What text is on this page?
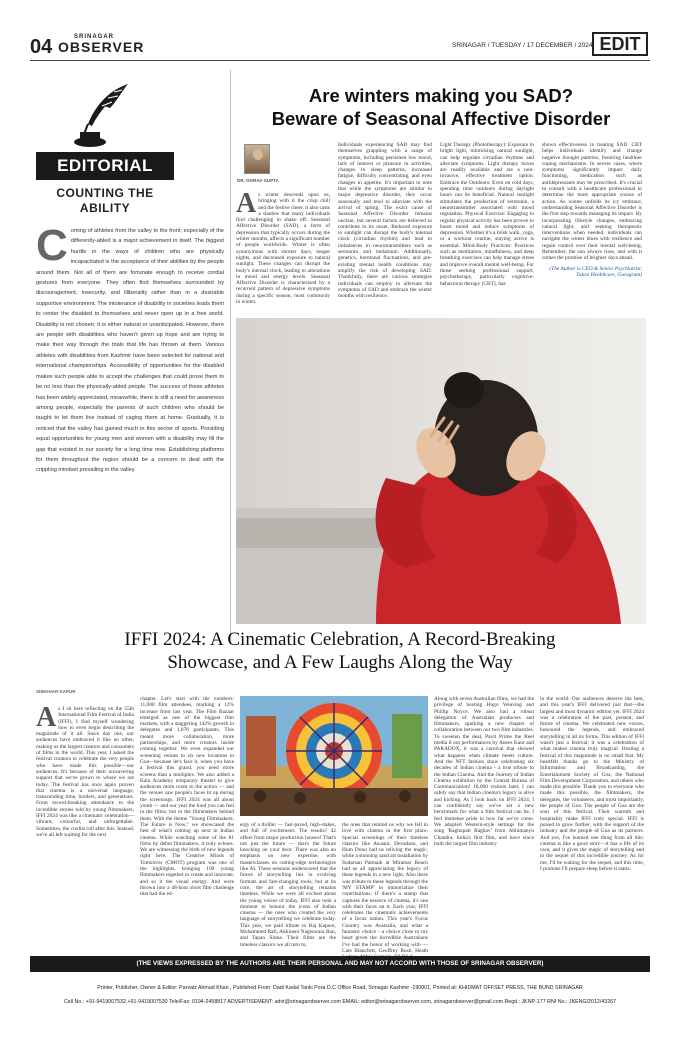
04	SRINAGAR
OBSERVER	SRINAGAR / TUESDAY / 17 DECEMBER / 2024 EDIT
EDITORIAL
COUNTING THE ABILITY
C oming of athletes from the valley to the front; especially of the differently-abled is a major achievement in itself. The biggest hurdle in the ways of children who are physically incapacitated is the acceptance of their abilities by the people around them. Not all of them are fortunate enough to receive cordial gestures from everyone. They often find themselves surrounded by discouragement, insecurity, and illiberality rather than in a desirable supportive environment. The intolerance of disability in societies leads them to center the disabled to themselves and never open up in a free world. Disability is not chosen; it is either natural or unanticipated. However, there are people with disabilities who haven't given up hope and are trying to make their way through the trials that life has thrown at them. Various athletes with disabilities from Kashmir have been selected for national and international championships. Accessibility of opportunities for the disabled makes such people able to accept the challenges that could prove them to be no less than the physically-abled people. The success of these athletes has been widely appreciated, meanwhile, there is still a need for awareness among people, especially the parents of such children who should be taught to let them live instead of caging them at home. Gradually, it is noticed that the valley has gained much in this sector of sports. Providing equal opportunities for young men and women with a disability may fill the gap that existed in our society for a long time now. Establishing platforms for them throughout the region should be a concern to deal with the crippling mindset prevailing in the valley.
Are winters making you SAD?
Beware of Seasonal Affective Disorder
DR. GORAV GUPTA
A s winter descends upon us, bringing with it the crisp chill and the festive cheer, it also casts a shadow that many individuals find challenging to shake off. Seasonal Affective Disorder (SAD), a form of depression that typically occurs during the winter months, affects a significant number of people worldwide. Winter is often synonymous with shorter days, longer nights, and decreased exposure to natural sunlight. These changes can disrupt the body's internal clock, leading to alterations in mood and energy levels. Seasonal Affective Disorder is characterized by a recurrent pattern of depressive symptoms during a specific season, most commonly in winter.
Individuals experiencing SAD may find themselves grappling with a range of symptoms, including persistent low mood, lack of interest or pleasure in activities, changes in sleep patterns, increased fatigue, difficulty concentrating, and even changes in appetite. It's important to note that while the symptoms are similar to major depressive disorder, they occur seasonally and tend to alleviate with the arrival of spring. The exact cause of Seasonal Affective Disorder remains unclear, but several factors are believed to contribute to its onset. Reduced exposure to sunlight can disrupt the body's internal clock (circadian rhythm) and lead to imbalances in neurotransmitters such as serotonin and melatonin. Additionally, genetics, hormonal fluctuations, and pre-existing mental health conditions may amplify the risk of developing SAD. Thankfully, there are various strategies individuals can employ to alleviate the symptoms of SAD and embrace the winter months with resilience.
Light Therapy (Phototherapy): Exposure to bright light, mimicking natural sunlight, can help regulate circadian rhythms and alleviate symptoms. Light therapy boxes are readily available and are a non-invasive, effective treatment option. Embrace the Outdoors: Even on cold days, spending time outdoors during daylight hours can be beneficial. Natural sunlight stimulates the production of serotonin, a neurotransmitter associated with mood regulation. Physical Exercise: Engaging in regular physical activity has been proven to boost mood and reduce symptoms of depression. Whether it's a brisk walk, yoga, or a workout routine, staying active is essential. Mind-Body Practices: Practices such as meditation, mindfulness, and deep breathing exercises can help manage stress and improve overall mental well-being. For those seeking professional support, psychotherapy, particularly cognitive-behavioral therapy (CBT), has
shown effectiveness in treating SAD. CBT helps individuals identify and change negative thought patterns, fostering healthier coping mechanisms. In severe cases, where symptoms significantly impact daily functioning, medication such as antidepressants may be prescribed. It's crucial to consult with a healthcare professional to determine the most appropriate course of action. As winter unfolds its icy embrace, understanding Seasonal Affective Disorder is the first step towards managing its impact. By incorporating lifestyle changes, embracing natural light, and seeking therapeutic interventions when needed, individuals can navigate the winter blues with resilience and regain control over their mental well-being. Remember, the sun always rises, and with it comes the promise of brighter days ahead.
(The Author is CEO & Senior Psychiatrist, Tulasi Healthcare, Gurugram)
IFFI 2024: A Cinematic Celebration, A Record-Breaking
Showcase, and A Few Laughs Along the Way
SHEKHAR KAPUR
A s I sit here reflecting on the 55th International Film Festival of India (IFFI), I find myself wondering how to even begin describing the magnitude of it all. Since day one, our audiences have embraced it like no other, making us the largest creators and consumers of films in the world. This year, I asked the festival curators to celebrate the very people who have made this possible—our audiences. It's because of their unwavering support that we've grown to where we are today. The festival has once again proven that cinema is a universal language, transcending time, borders, and generations. From record-breaking attendance to the incredible stories told by young filmmakers, IFFI 2024 was like a cinematic celebration—vibrant, colourful, and unforgettable. Sometimes, the credits roll after this. Instead, we're all left waiting for the next
chapter. Let's start with the numbers: 11,000 film attendees, marking a 12% increase from last year. The Film Bazaar emerged as one of the biggest film markets, with a staggering 142% growth in delegates and 1,876 participants. This meant more collaboration, more partnerships, and more creators inside coming together. We even expanded our screening venues to six new locations in Goa—because let's face it, when you have a festival this grand, you need more screens than a multiplex. We also added a Kala Academy temporary theater to give audiences more room to the action — and the venues saw people's faces lit up during the screenings. IFFI 2024 was all about youth — and our year the kind you can feel in the films, but in the filmmakers behind them. With the theme "Young Filmmakers: The Future is Now," we showcased the best of what's coming up next in Indian cinema. While watching some of the 81 films by debut filmmakers, it truly echoes. We are witnessing the birth of new legends right here. The Creative Minds of Tomorrow (CMOT) program was one of the highlights, bringing 100 young filmmakers together to create and innovate, and so it the visual energy. And were thrown into a 48-hour short film challenge that had the ed-
ergy of a thriller — fast-paced, high-stakes, and full of excitement. The results? 42 offers from major production houses! That's not just the future — that's the future knocking on your door. There was also an emphasis on new expertise, with masterclasses on cutting-edge technologies like AI. These sessions underscored that the future of storytelling lies in evolving formats and fast-changing tools, but at its core, the art of storytelling remains timeless. While we were all excited about the young voices of today, IFFI also took a moment to honour the icons of Indian cinema — the ones who created the very language of storytelling we celebrate today. This year, we paid tribute to Raj Kapoor, Mohammed Rafi, Akkineni Nageswara Rao, and Tapan Sinha. Their films are the timeless classics we all turn to,
the ones that remind us why we fell in love with cinema in the first place. Special screenings of their timeless classics like Awaara, Devadasu, and Hum Dono had us reliving the magic, while a stunning sand art installation by Sudarsan Pattnaik at Miramar Beach had us all appreciating the legacy of these legends in a new light. Also there was tribute to these legends through the 'MY STAMP' to immortalize their contributions. If there's a stamp that captures the essence of cinema, it's one with their faces on it. Each year, IFFI celebrates the cinematic achievements of a focus nation. This year's Focus Country was Australia, and what a fantastic choice - a choice close to my heart given the incredible Australians I've had the honor of working with — Cate Blanchett, Geoffrey Rush, Heath
Along with seven Australian films, we had the privilege of hosting Hugo Weaving and Phillip Noyce. We also had a robust delegation of Australian producers and filmmakers, sparking a new chapter of collaboration between our two film industries. To sweeten the deal, Pavit Prime the Reel media it out performances by Anees Kaur and PARADOX, it was a carnival that showed what happens when climate meets culture. And the NFT fashion show celebrating six decades of Indian cinema - a true tribute to the Indian Cinema. And the Journey of Indian Cinema exhibition by the Central Bureau of Communication! 18,000 visitors later, I can safely say that Indian cinema's legacy is alive and kicking. As I look back on IFFI 2024, I can confidently say we've set a new benchmark for what a film festival can be. I feel immense pride in how far we've come. We adopted Western-style settings for the song 'Raghupati Raghav' from Abhimanyu Chandra, India's first film, and have since built the largest film industry
in the world. Our audiences deserve the best, and this year's IFFI delivered just that—the largest and most dynamic edition yet. IFFI 2024 was a celebration of the past, present, and future of cinema. We celebrated new voices, honoured the legends, and embraced storytelling in all its forms. This edition of IFFI wasn't just a festival; it was a celebration of what makes cinema truly magical. Hosting a festival of this magnitude is no small feat. My heartfelt thanks go to the Ministry of Information and Broadcasting, the Entertainment Society of Goa, the National Film Development Corporation, and others who made this possible. Thank you to everyone who made this possible, the filmmakers, the delegates, the volunteers, and most importantly, the people of Goa. The people of Goa are the soul of this festival. Their warmth and hospitality make IFFI truly special. IFFI is poised to grow further, with the support of the industry and the people of Goa as its partners. And yes, I've learned one thing from all this: cinema is like a good story—it has a life of its own, and it gives the magic of storytelling and to the sequel of this incredible journey. As for me, I'll be waiting for the sequel, and this time, I promise I'll prepare sleep before it starts.
(THE VIEWS EXPRESSED BY THE AUTHORS ARE THEIR PERSONAL AND MAY NOT ACCORD WITH THOSE OF SRINAGAR OBSERVER)
Printer, Publisher, Owner & Editor: Parvaiz Ahmad Khan , Published From: Dadi Kadal Tanki Pora D.C Office Road, Srinagar Kashmir -190001, Printed at: KHIDMAT OFFSET PRESS, THE BUND SRINAGAR
Cell No.: +91-9419007532,+91-9419007530 Tele/Fax: 0194-2458817 ADVERTISEMENT: advt@srinagarobserver.com EMAIL: editor@srinagarobserver.com, srinagarobserver@gmail.com Regd.: JKNP-177 RNI No.: JKENG/2012/43267
